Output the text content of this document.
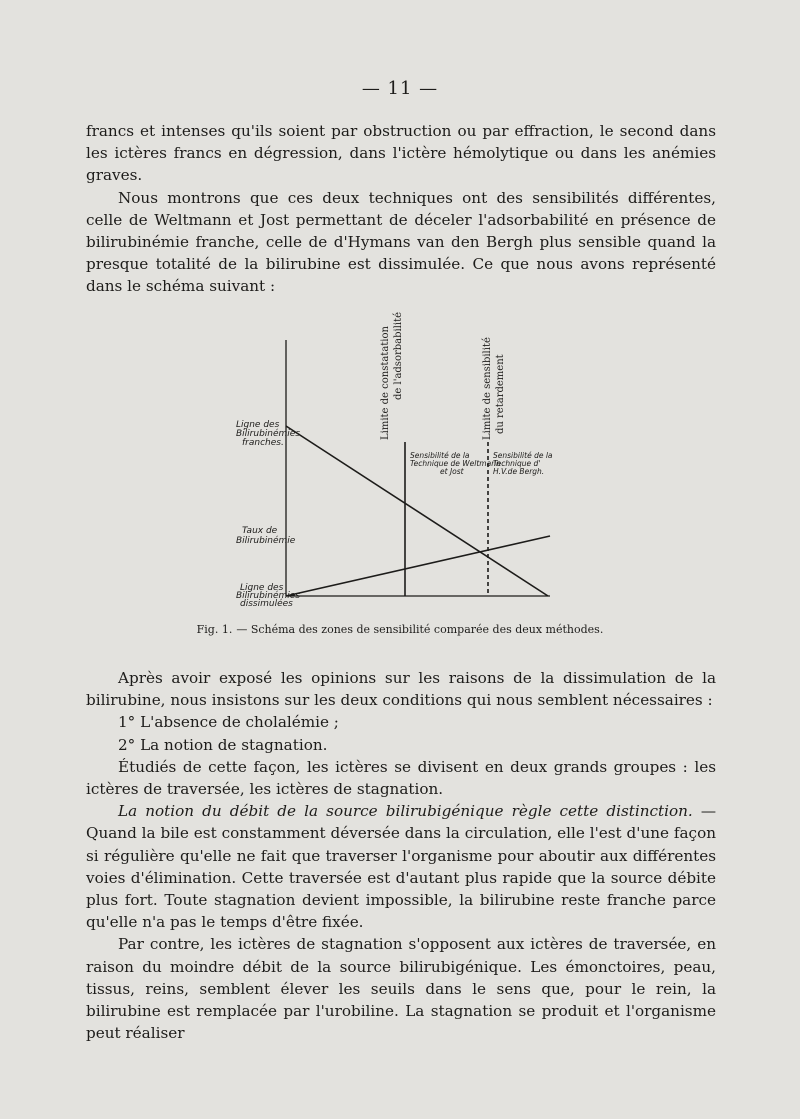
— 11 —

francs et intenses qu'ils soient par obstruction ou par effraction, le second dans les ictères francs en dégression, dans l'ictère hémolytique ou dans les anémies graves.

Nous montrons que ces deux techniques ont des sensibilités différentes, celle de Weltmann et Jost permettant de déceler l'adsorbabilité en présence de bilirubinémie franche, celle de d'Hymans van den Bergh plus sensible quand la presque totalité de la bilirubine est dissimulée. Ce que nous avons représenté dans le schéma suivant :

Ligne des Bilirubinémies franches.
Taux de Bilirubinémie
Ligne des Bilirubinémies dissimulées
Limite de constatation de l'adsorbabilité	Limite de sensibilité du retardement
Sensibilité de la Technique de Weltmann et Jost
Sensibilité de la Technique d' H.V.de Bergh.
Fig. 1. — Schéma des zones de sensibilité comparée des deux méthodes.

Après avoir exposé les opinions sur les raisons de la dissimulation de la bilirubine, nous insistons sur les deux conditions qui nous semblent nécessaires :

1° L'absence de cholalémie ;

2° La notion de stagnation.

Étudiés de cette façon, les ictères se divisent en deux grands groupes : les ictères de traversée, les ictères de stagnation.

La notion du débit de la source bilirubigénique règle cette distinction. — Quand la bile est constamment déversée dans la circulation, elle l'est d'une façon si régulière qu'elle ne fait que traverser l'organisme pour aboutir aux différentes voies d'élimination. Cette traversée est d'autant plus rapide que la source débite plus fort. Toute stagnation devient impossible, la bilirubine reste franche parce qu'elle n'a pas le temps d'être fixée.

Par contre, les ictères de stagnation s'opposent aux ictères de traversée, en raison du moindre débit de la source bilirubigénique. Les émonctoires, peau, tissus, reins, semblent élever les seuils dans le sens que, pour le rein, la bilirubine est remplacée par l'urobiline. La stagnation se produit et l'organisme peut réaliser
